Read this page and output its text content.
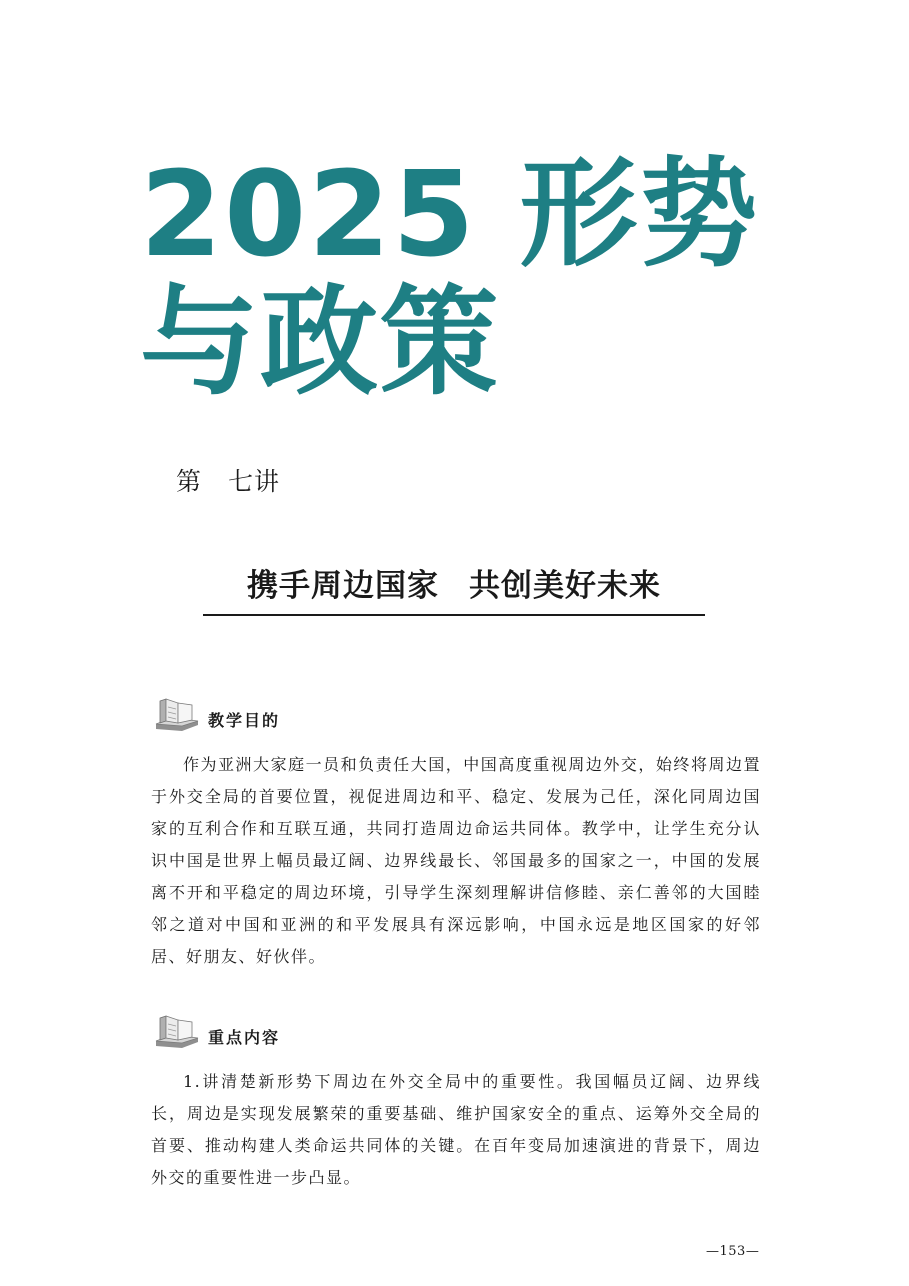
2025 形势
与政策
第 七讲
携手周边国家 共创美好未来
教学目的

作为亚洲大家庭一员和负责任大国，中国高度重视周边外交，始终将周边置于外交全局的首要位置，视促进周边和平、稳定、发展为己任，深化同周边国家的互利合作和互联互通，共同打造周边命运共同体。教学中，让学生充分认识中国是世界上幅员最辽阔、边界线最长、邻国最多的国家之一，中国的发展离不开和平稳定的周边环境，引导学生深刻理解讲信修睦、亲仁善邻的大国睦邻之道对中国和亚洲的和平发展具有深远影响，中国永远是地区国家的好邻居、好朋友、好伙伴。

重点内容

1.讲清楚新形势下周边在外交全局中的重要性。我国幅员辽阔、边界线长，周边是实现发展繁荣的重要基础、维护国家安全的重点、运筹外交全局的首要、推动构建人类命运共同体的关键。在百年变局加速演进的背景下，周边外交的重要性进一步凸显。

—153—
